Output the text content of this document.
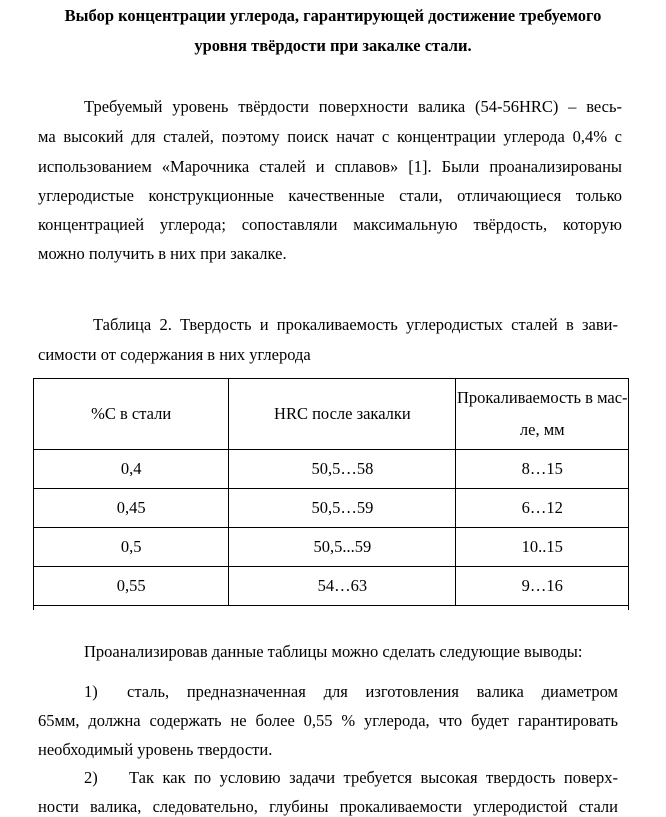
Выбор концентрации углерода, гарантирующей достижение требуемого

уровня твёрдости при закалке стали.

Требуемый уровень твёрдости поверхности валика (54-56HRC) – весь-

ма высокий для сталей, поэтому поиск начат с концентрации углерода 0,4% с

использованием «Марочника сталей и сплавов» [1]. Были проанализированы

углеродистые конструкционные качественные стали, отличающиеся только

концентрацией углерода; сопоставляли максимальную твёрдость, которую

можно получить в них при закалке.

Таблица 2. Твердость и прокаливаемость углеродистых сталей в зави-

симости от содержания в них углерода

%С в стали	HRC после закалки	Прокаливаемость в мас-
ле, мм

0,4	50,5…58	8…15
0,45	50,5…59	6…12
0,5	50,5...59	10..15
0,55	54…63	9…16

Проанализировав данные таблицы можно сделать следующие выводы:

1) сталь, предназначенная для изготовления валика диаметром

65мм, должна содержать не более 0,55 % углерода, что будет гарантировать

необходимый уровень твердости.

2) Так как по условию задачи требуется высокая твердость поверх-

ности валика, следовательно, глубины прокаливаемости углеродистой стали
